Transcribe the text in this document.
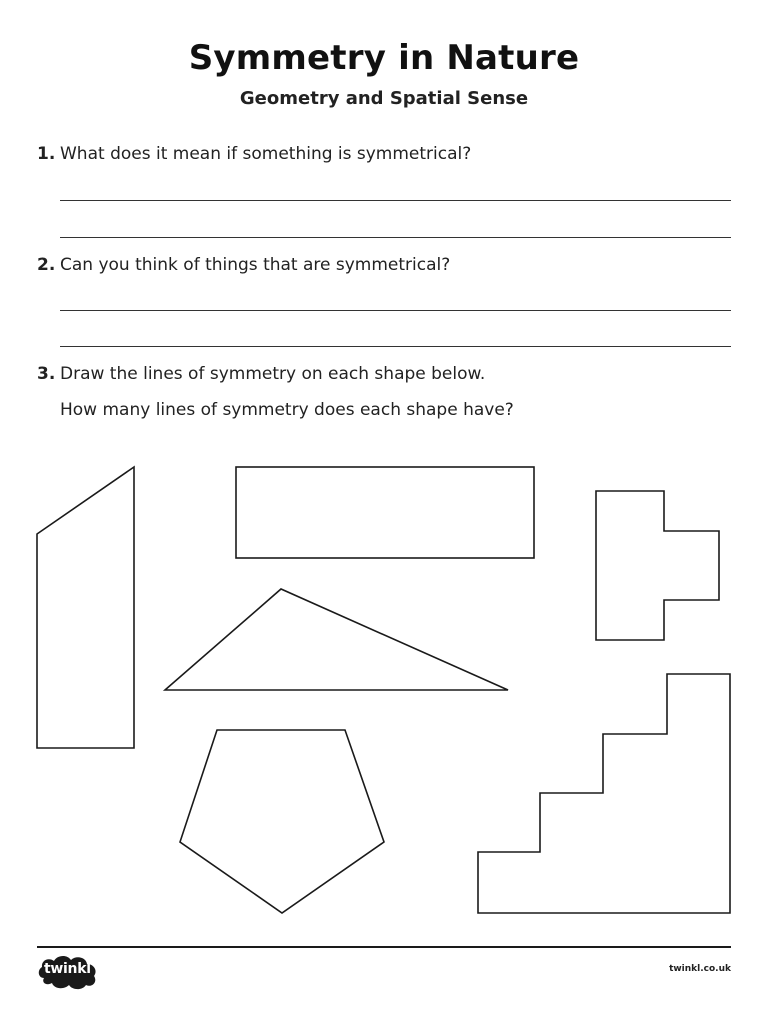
Symmetry in Nature
Geometry and Spatial Sense
1. What does it mean if something is symmetrical?
2. Can you think of things that are symmetrical?
3. Draw the lines of symmetry on each shape below.
How many lines of symmetry does each shape have?
twinkl	twinkl.co.uk
